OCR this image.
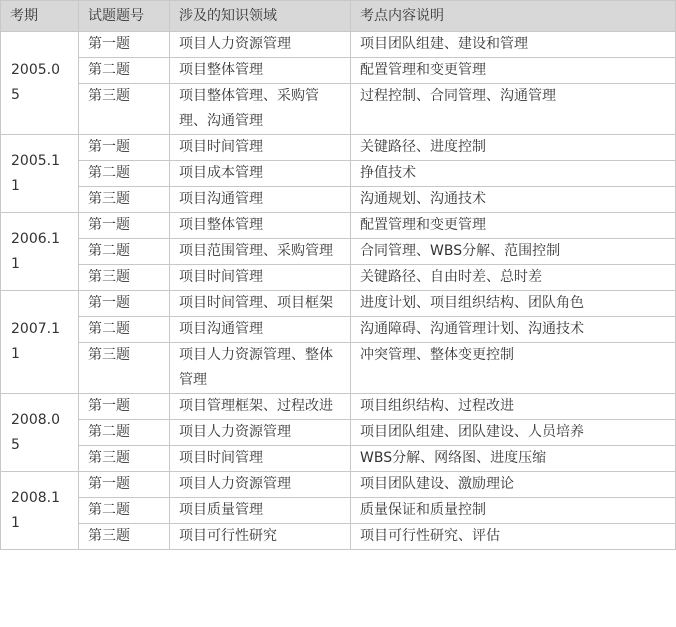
考期	试题题号	涉及的知识领域	考点内容说明
2005.05	第一题	项目人力资源管理	项目团队组建、建设和管理
	第二题	项目整体管理	配置管理和变更管理
	第三题	项目整体管理、采购管理、沟通管理	过程控制、合同管理、沟通管理
2005.11	第一题	项目时间管理	关键路径、进度控制
	第二题	项目成本管理	挣值技术
	第三题	项目沟通管理	沟通规划、沟通技术
2006.11	第一题	项目整体管理	配置管理和变更管理
	第二题	项目范围管理、采购管理	合同管理、WBS分解、范围控制
	第三题	项目时间管理	关键路径、自由时差、总时差
2007.11	第一题	项目时间管理、项目框架	进度计划、项目组织结构、团队角色
	第二题	项目沟通管理	沟通障碍、沟通管理计划、沟通技术
	第三题	项目人力资源管理、整体管理	冲突管理、整体变更控制
2008.05	第一题	项目管理框架、过程改进	项目组织结构、过程改进
	第二题	项目人力资源管理	项目团队组建、团队建设、人员培养
	第三题	项目时间管理	WBS分解、网络图、进度压缩
2008.11	第一题	项目人力资源管理	项目团队建设、激励理论
	第二题	项目质量管理	质量保证和质量控制
	第三题	项目可行性研究	项目可行性研究、评估
